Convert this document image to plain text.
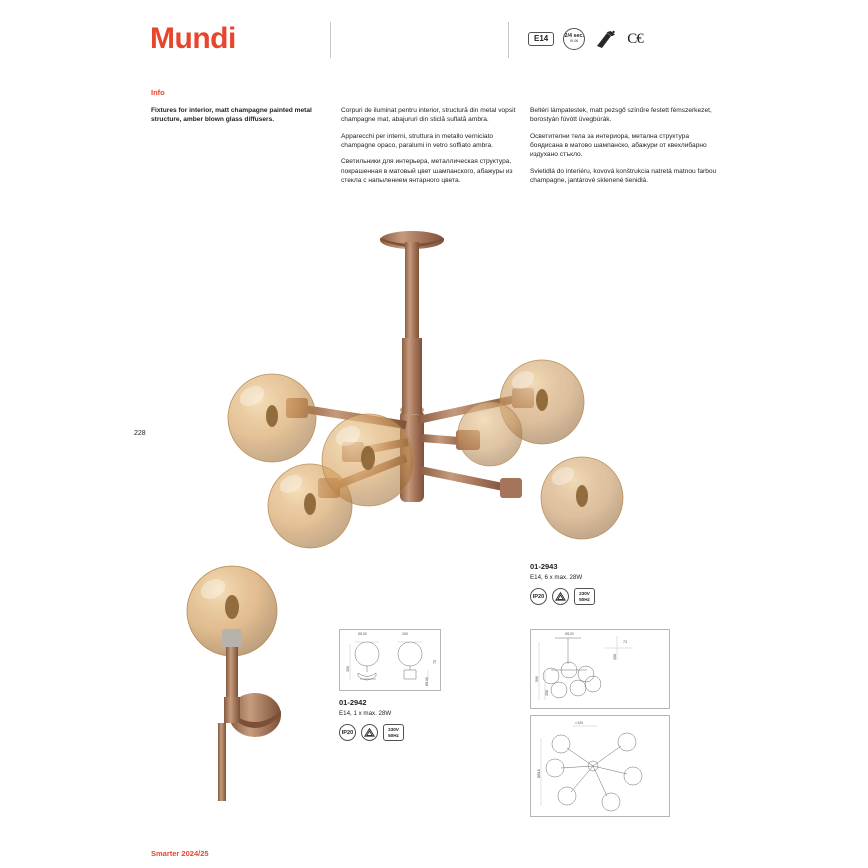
Mundi	E14	2/4 sec.
IK 06	C€
Info

Fixtures for interior, matt champagne painted metal structure, amber blown glass diffusers.

Corpuri de iluminat pentru interior, structură din metal vopsit champagne mat, abajururi din sticlă suflată ambra.

Apparecchi per interni, struttura in metallo verniciato champagne opaco, paralumi in vetro soffiato ambra.

Светильники для интерьера, металлическая структура, покрашенная в матовый цвет шампанского, абажуры из стекла с напылением янтарного цвета.

Beltéri lámpatestek, matt pezsgő színűre festett fémszerkezet, borostyán fúvótt üvegbúrák.

Осветителни тела за интериора, метална структура боядисана в матово шампанско, абажури от квехлибарно издухано стъкло.

Svietidlá do interiéru, kovová konštrukcia natretá matnou farbou champagne, jantárové sklenené tienidlá.

228
01-2943
E14, 6 x max. 28W
IP20	230V
50Hz
01-2942
E14, 1 x max. 28W
IP20	230V
50Hz
Ø130	200
300
75
Ø100
Ø120
73
358
590
358
×120
Ø518
Smarter 2024/25
